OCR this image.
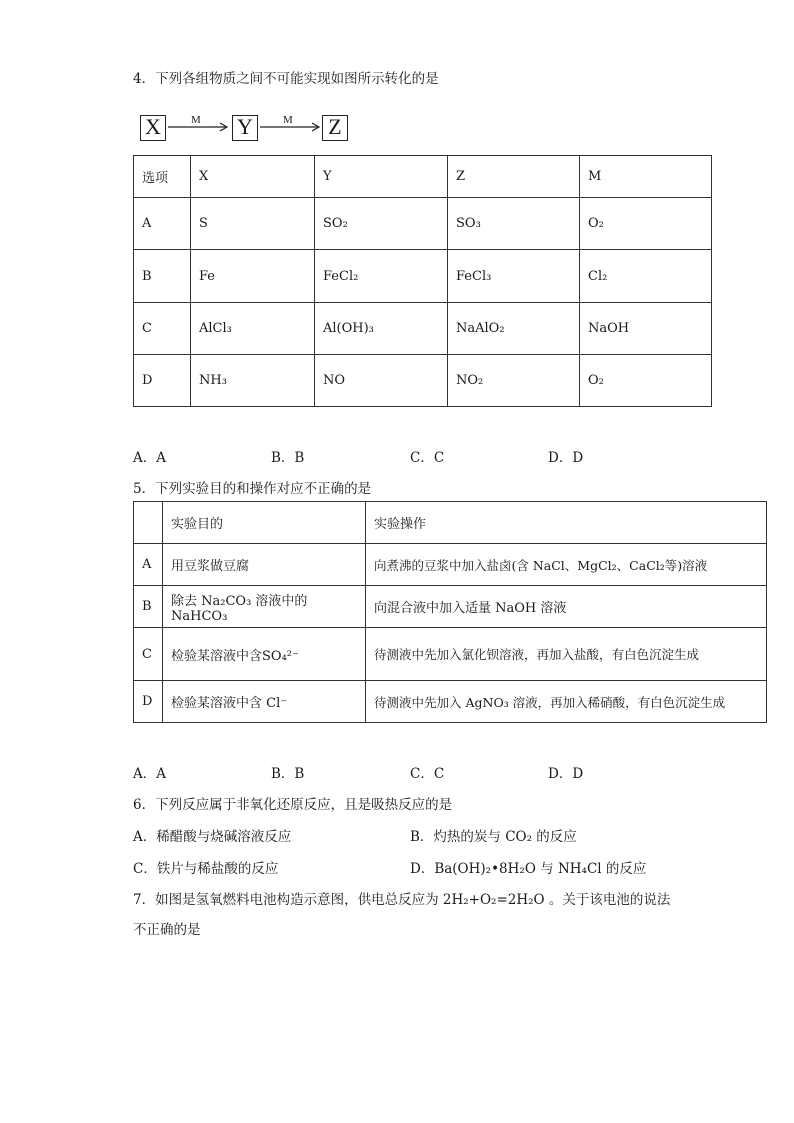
4．下列各组物质之间不可能实现如图所示转化的是
X	M Y	M Z
选项	X	Y	Z	M
A	S	SO₂	SO₃	O₂
B	Fe	FeCl₂	FeCl₃	Cl₂
C	AlCl₃	Al(OH)₃	NaAlO₂	NaOH
D	NH₃	NO	NO₂	O₂
A．A	B．B	C．C	D．D
5．下列实验目的和操作对应不正确的是
	实验目的	实验操作
A	用豆浆做豆腐	向煮沸的豆浆中加入盐卤(含 NaCl、MgCl₂、CaCl₂等)溶液
B	除去 Na₂CO₃ 溶液中的 NaHCO₃	向混合液中加入适量 NaOH 溶液
C	检验某溶液中含SO₄²⁻	待测液中先加入氯化钡溶液，再加入盐酸，有白色沉淀生成
D	检验某溶液中含 Cl⁻	待测液中先加入 AgNO₃ 溶液，再加入稀硝酸，有白色沉淀生成
A．A	B．B	C．C	D．D
6．下列反应属于非氧化还原反应，且是吸热反应的是
A．稀醋酸与烧碱溶液反应	B．灼热的炭与 CO₂ 的反应
C．铁片与稀盐酸的反应	D．Ba(OH)₂•8H₂O 与 NH₄Cl 的反应
7．如图是氢氧燃料电池构造示意图，供电总反应为 2H₂+O₂=2H₂O 。关于该电池的说法
不正确的是
